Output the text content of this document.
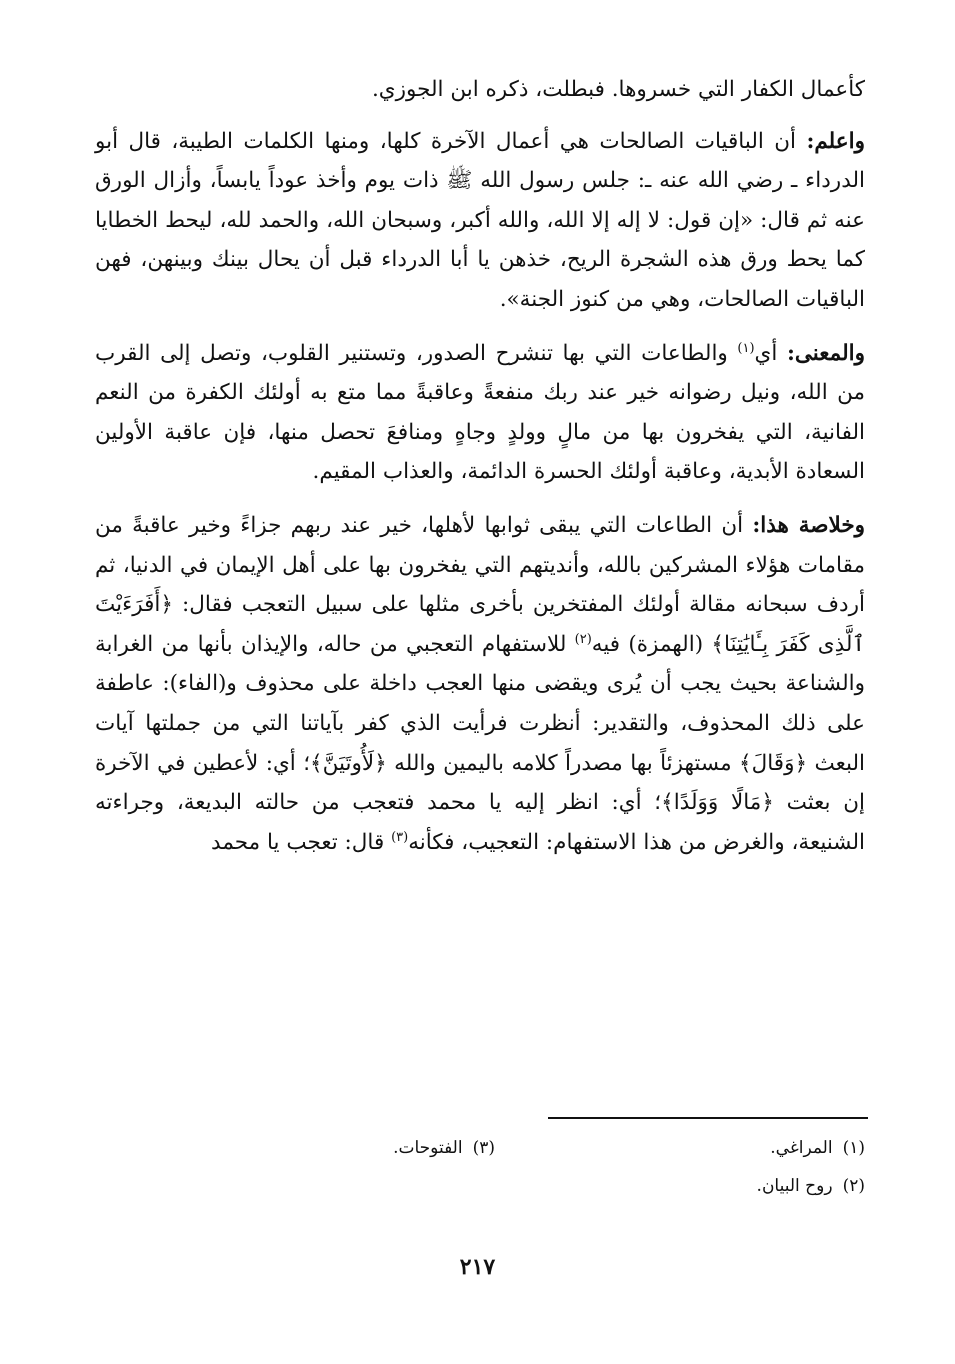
كأعمال الكفار التي خسروها. فبطلت، ذكره ابن الجوزي.

واعلم: أن الباقيات الصالحات هي أعمال الآخرة كلها، ومنها الكلمات الطيبة، قال أبو الدرداء ـ رضي الله عنه ـ: جلس رسول الله ﷺ ذات يوم وأخذ عوداً يابساً، وأزال الورق عنه ثم قال: «إن قول: لا إله إلا الله، والله أكبر، وسبحان الله، والحمد لله، ليحط الخطايا كما يحط ورق هذه الشجرة الريح، خذهن يا أبا الدرداء قبل أن يحال بينك وبينهن، فهن الباقيات الصالحات، وهي من كنوز الجنة».

والمعنى: أي$^{(١)}$ والطاعات التي بها تنشرح الصدور، وتستنير القلوب، وتصل إلى القرب من الله، ونيل رضوانه خير عند ربك منفعةً وعاقبةً مما متع به أولئك الكفرة من النعم الفانية، التي يفخرون بها من مالٍ وولدٍ وجاهٍ ومنافعَ تحصل منها، فإن عاقبة الأولين السعادة الأبدية، وعاقبة أولئك الحسرة الدائمة، والعذاب المقيم.

وخلاصة هذا: أن الطاعات التي يبقى ثوابها لأهلها، خير عند ربهم جزاءً وخير عاقبةً من مقامات هؤلاء المشركين بالله، وأنديتهم التي يفخرون بها على أهل الإيمان في الدنيا، ثم أردف سبحانه مقالة أولئك المفتخرين بأخرى مثلها على سبيل التعجب فقال: ﴿أَفَرَءَيْتَ ٱلَّذِى كَفَرَ بِـَٔايَٰتِنَا﴾ (الهمزة) فيه$^{(٢)}$ للاستفهام التعجبي من حاله، والإيذان بأنها من الغرابة والشناعة بحيث يجب أن يُرى ويقضى منها العجب داخلة على محذوف و(الفاء): عاطفة على ذلك المحذوف، والتقدير: أنظرت فرأيت الذي كفر بآياتنا التي من جملتها آيات البعث ﴿وَقَالَ﴾ مستهزئاً بها مصدراً كلامه باليمين والله ﴿لَأُوتَيَنَّ﴾؛ أي: لأعطين في الآخرة إن بعثت ﴿مَالًا وَوَلَدًا﴾؛ أي: انظر إليه يا محمد فتعجب من حالته البديعة، وجراءته الشنيعة، والغرض من هذا الاستفهام: التعجيب، فكأنه$^{(٣)}$ قال: تعجب يا محمد

(١)المراغي.
(٣)الفتوحات.
(٢)روح البيان.
٢١٧
